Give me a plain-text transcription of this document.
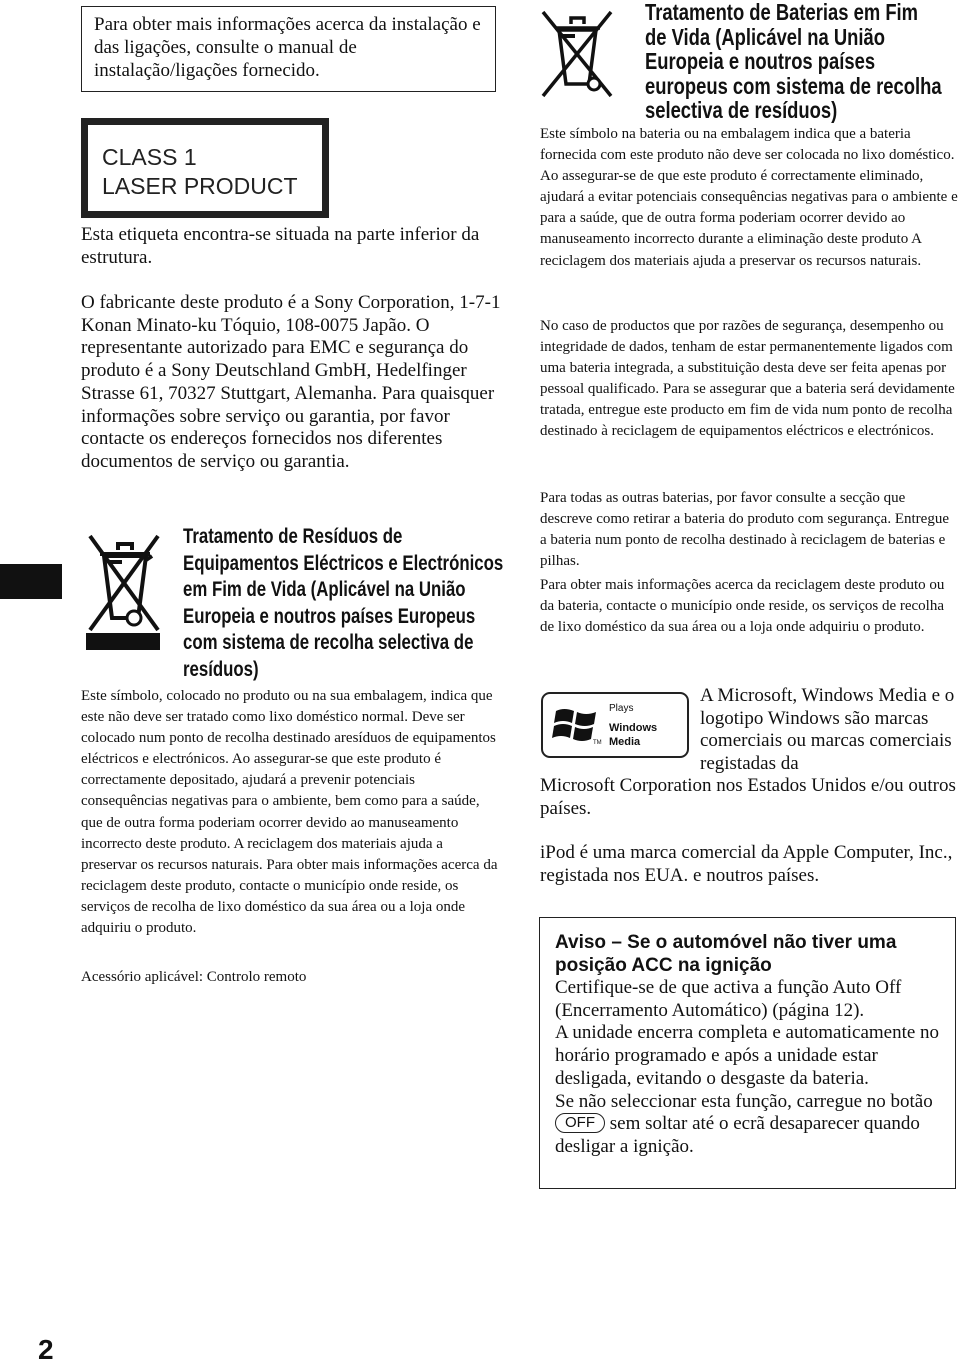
Para obter mais informações acerca da instalação e das ligações, consulte o manual de instalação/ligações fornecido.
CLASS 1
LASER PRODUCT
Esta etiqueta encontra-se situada na parte inferior da estrutura.
O fabricante deste produto é a Sony Corporation, 1-7-1 Konan Minato-ku Tóquio, 108-0075 Japão. O representante autorizado para EMC e segurança do produto é a Sony Deutschland GmbH, Hedelfinger Strasse 61, 70327 Stuttgart, Alemanha. Para quaisquer informações sobre serviço ou garantia, por favor contacte os endereços fornecidos nos diferentes documentos de serviço ou garantia.
Tratamento de Resíduos de
Equipamentos Eléctricos e Electrónicos
em Fim de Vida (Aplicável na União
Europeia e noutros países Europeus
com sistema de recolha selectiva de
resíduos)
Este símbolo, colocado no produto ou na sua embalagem, indica que este não deve ser tratado como lixo doméstico normal. Deve ser colocado num ponto de recolha destinado aresíduos de equipamentos eléctricos e electrónicos. Ao assegurar-se que este produto é correctamente depositado, ajudará a prevenir potenciais consequências negativas para o ambiente, bem como para a saúde, que de outra forma poderiam ocorrer devido ao manuseamento incorrecto deste produto. A reciclagem dos materiais ajuda a preservar os recursos naturais. Para obter mais informações acerca da reciclagem deste produto, contacte o município onde reside, os serviços de recolha de lixo doméstico da sua área ou a loja onde adquiriu o produto.
Acessório aplicável: Controlo remoto
2
Tratamento de Baterias em Fim
de Vida (Aplicável na União
Europeia e noutros países
europeus com sistema de recolha
selectiva de resíduos)
Este símbolo na bateria ou na embalagem indica que a bateria fornecida com este produto não deve ser colocada no lixo doméstico. Ao assegurar-se de que este produto é correctamente eliminado, ajudará a evitar potenciais consequências negativas para o ambiente e para a saúde, que de outra forma poderiam ocorrer devido ao manuseamento incorrecto durante a eliminação deste produto A reciclagem dos materiais ajuda a preservar os recursos naturais.
No caso de productos que por razões de segurança, desempenho ou integridade de dados, tenham de estar permanentemente ligados com uma bateria integrada, a substituição desta deve ser feita apenas por pessoal qualificado. Para se assegurar que a bateria será devidamente tratada, entregue este producto em fim de vida num ponto de recolha destinado à reciclagem de equipamentos eléctricos e electrónicos.
Para todas as outras baterias, por favor consulte a secção que descreve como retirar a bateria do produto com segurança. Entregue a bateria num ponto de recolha destinado à reciclagem de baterias e pilhas.
Para obter mais informações acerca da reciclagem deste produto ou da bateria, contacte o município onde reside, os serviços de recolha de lixo doméstico da sua área ou a loja onde adquiriu o produto.
Plays
Windows
Media
TM
A Microsoft, Windows Media e o logotipo Windows são marcas comerciais ou marcas comerciais registadas da
Microsoft Corporation nos Estados Unidos e/ou outros países.
iPod é uma marca comercial da Apple Computer, Inc., registada nos EUA. e noutros países.
Aviso – Se o automóvel não tiver uma posição ACC na ignição
Certifique-se de que activa a função Auto Off (Encerramento Automático) (página 12).
A unidade encerra completa e automaticamente no horário programado e após a unidade estar desligada, evitando o desgaste da bateria.
Se não seleccionar esta função, carregue no botão OFF sem soltar até o ecrã desaparecer quando desligar a ignição.
